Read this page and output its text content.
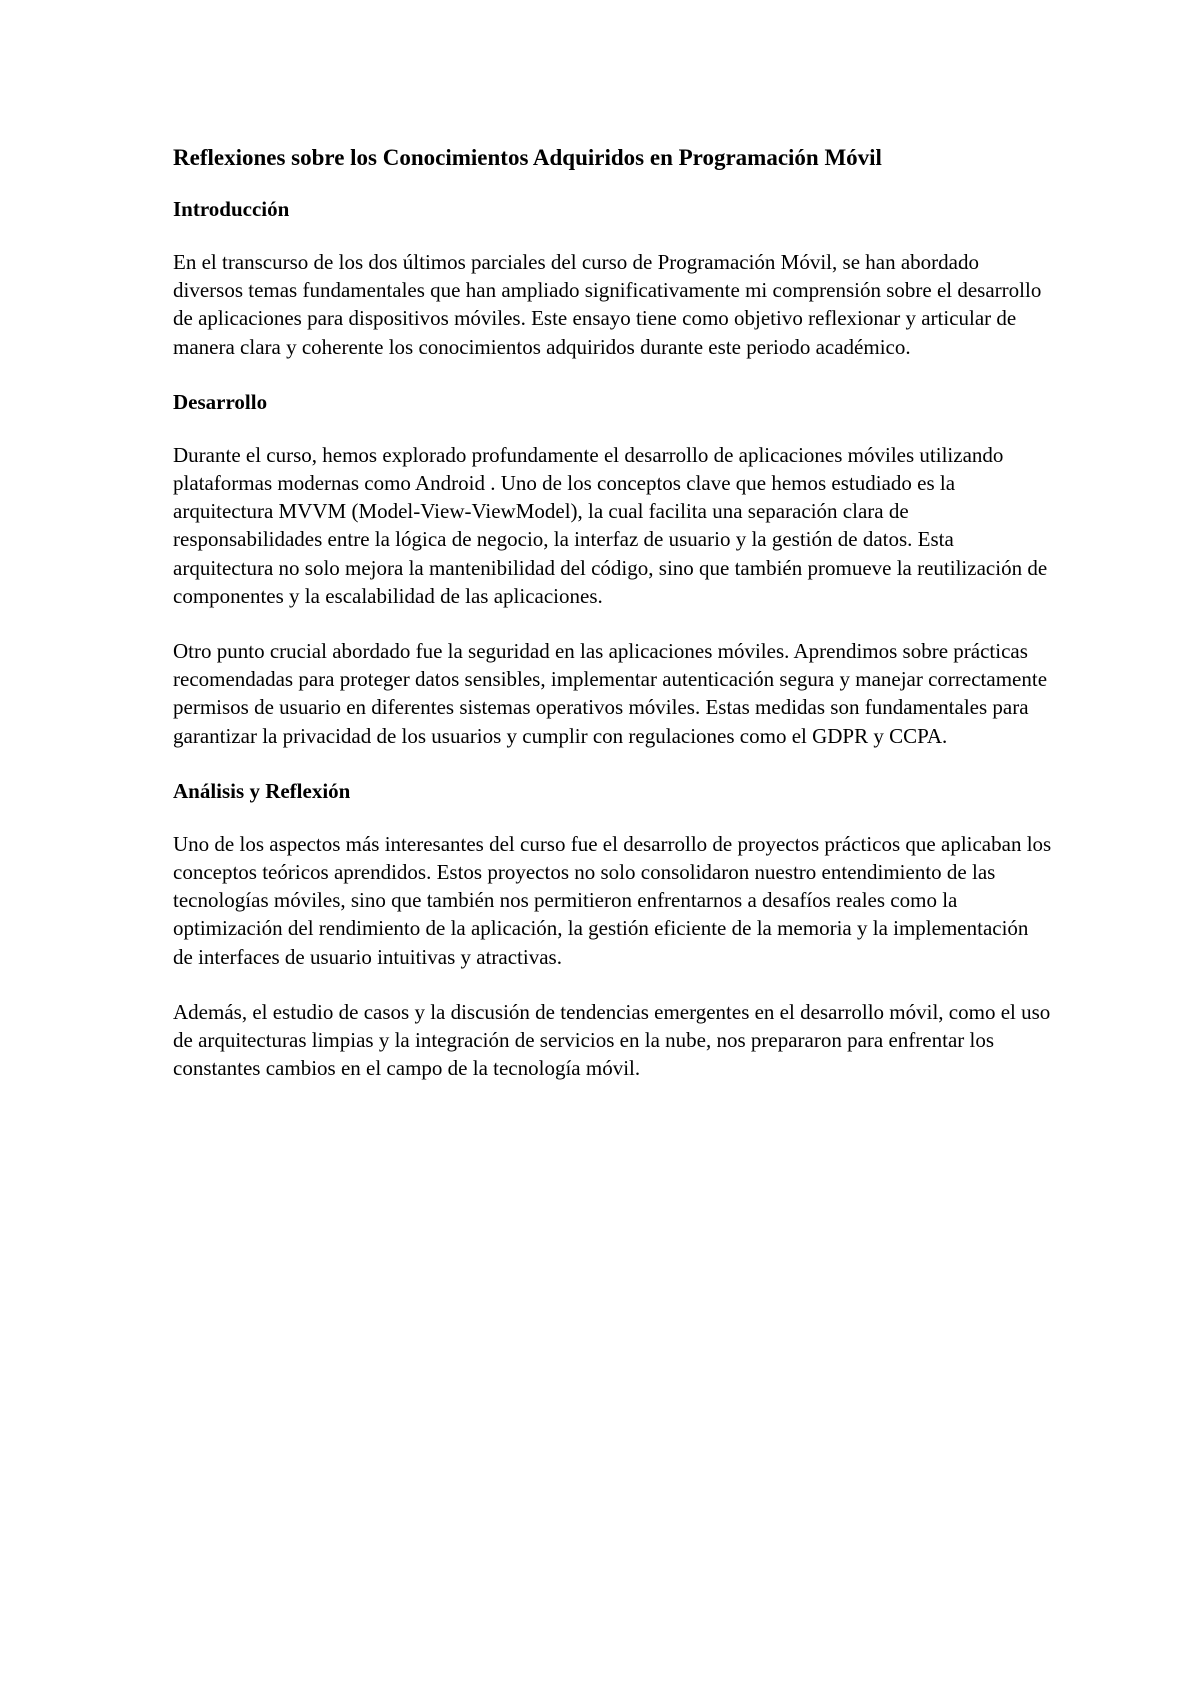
Reflexiones sobre los Conocimientos Adquiridos en Programación Móvil
Introducción

En el transcurso de los dos últimos parciales del curso de Programación Móvil, se han abordado diversos temas fundamentales que han ampliado significativamente mi comprensión sobre el desarrollo de aplicaciones para dispositivos móviles. Este ensayo tiene como objetivo reflexionar y articular de manera clara y coherente los conocimientos adquiridos durante este periodo académico.

Desarrollo

Durante el curso, hemos explorado profundamente el desarrollo de aplicaciones móviles utilizando plataformas modernas como Android . Uno de los conceptos clave que hemos estudiado es la arquitectura MVVM (Model-View-ViewModel), la cual facilita una separación clara de responsabilidades entre la lógica de negocio, la interfaz de usuario y la gestión de datos. Esta arquitectura no solo mejora la mantenibilidad del código, sino que también promueve la reutilización de componentes y la escalabilidad de las aplicaciones.

Otro punto crucial abordado fue la seguridad en las aplicaciones móviles. Aprendimos sobre prácticas recomendadas para proteger datos sensibles, implementar autenticación segura y manejar correctamente permisos de usuario en diferentes sistemas operativos móviles. Estas medidas son fundamentales para garantizar la privacidad de los usuarios y cumplir con regulaciones como el GDPR y CCPA.

Análisis y Reflexión

Uno de los aspectos más interesantes del curso fue el desarrollo de proyectos prácticos que aplicaban los conceptos teóricos aprendidos. Estos proyectos no solo consolidaron nuestro entendimiento de las tecnologías móviles, sino que también nos permitieron enfrentarnos a desafíos reales como la optimización del rendimiento de la aplicación, la gestión eficiente de la memoria y la implementación de interfaces de usuario intuitivas y atractivas.

Además, el estudio de casos y la discusión de tendencias emergentes en el desarrollo móvil, como el uso de arquitecturas limpias y la integración de servicios en la nube, nos prepararon para enfrentar los constantes cambios en el campo de la tecnología móvil.
